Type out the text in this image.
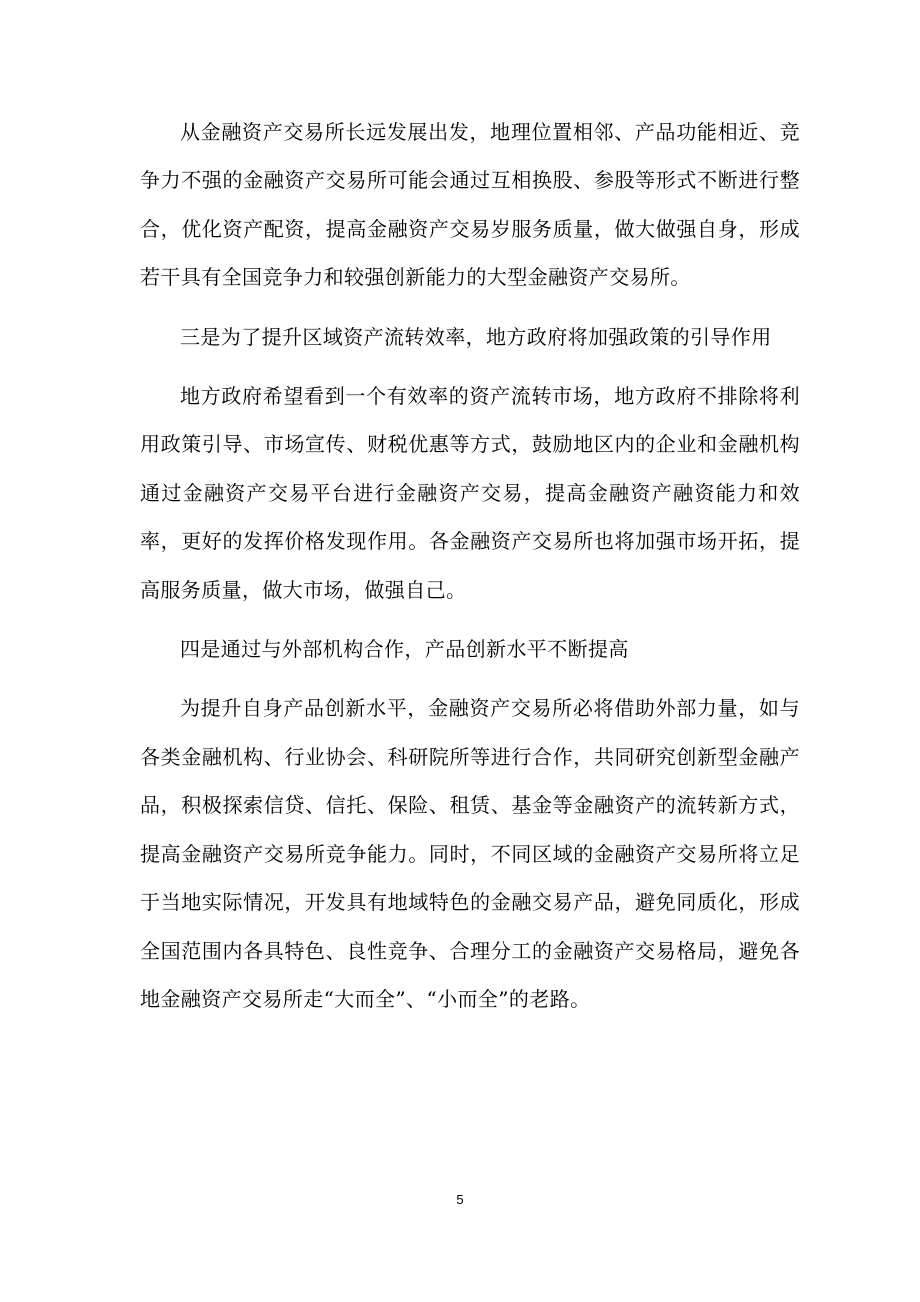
从金融资产交易所长远发展出发，地理位置相邻、产品功能相近、竞争力不强的金融资产交易所可能会通过互相换股、参股等形式不断进行整合，优化资产配资，提高金融资产交易岁服务质量，做大做强自身，形成若干具有全国竞争力和较强创新能力的大型金融资产交易所。

三是为了提升区域资产流转效率，地方政府将加强政策的引导作用

地方政府希望看到一个有效率的资产流转市场，地方政府不排除将利用政策引导、市场宣传、财税优惠等方式，鼓励地区内的企业和金融机构通过金融资产交易平台进行金融资产交易，提高金融资产融资能力和效率，更好的发挥价格发现作用。各金融资产交易所也将加强市场开拓，提高服务质量，做大市场，做强自己。

四是通过与外部机构合作，产品创新水平不断提高

为提升自身产品创新水平，金融资产交易所必将借助外部力量，如与各类金融机构、行业协会、科研院所等进行合作，共同研究创新型金融产品，积极探索信贷、信托、保险、租赁、基金等金融资产的流转新方式，提高金融资产交易所竞争能力。同时，不同区域的金融资产交易所将立足于当地实际情况，开发具有地域特色的金融交易产品，避免同质化，形成全国范围内各具特色、良性竞争、合理分工的金融资产交易格局，避免各地金融资产交易所走“大而全”、“小而全”的老路。

5
